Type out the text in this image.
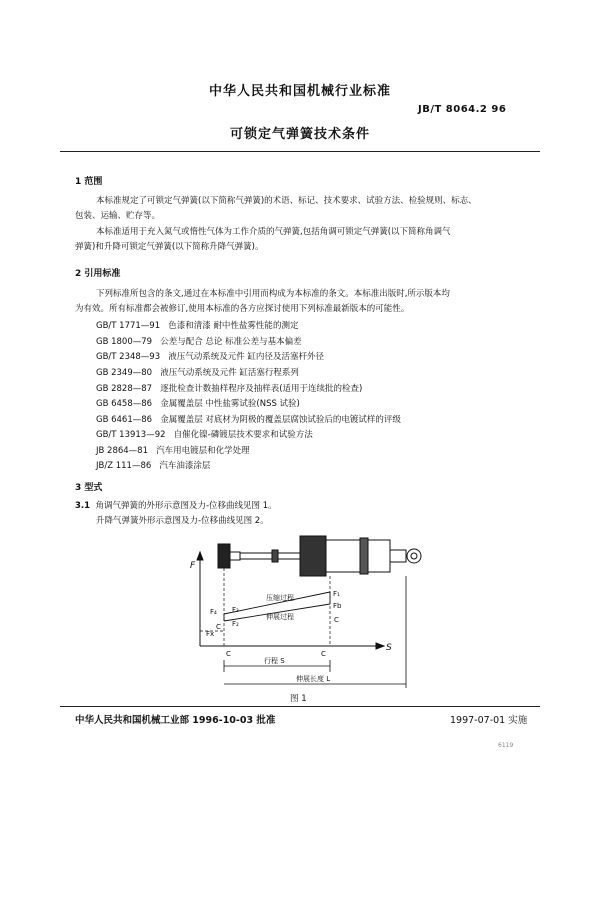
中华人民共和国机械行业标准
JB/T 8064.2 96
可锁定气弹簧技术条件
1 范围
本标准规定了可锁定气弹簧(以下简称气弹簧)的术语、标记、技术要求、试验方法、检验规则、标志、
包装、运输、贮存等。
本标准适用于充入氮气或惰性气体为工作介质的气弹簧,包括角调可锁定气弹簧(以下简称角调气
弹簧)和升降可锁定气弹簧(以下简称升降气弹簧)。
2 引用标准
下列标准所包含的条文,通过在本标准中引用而构成为本标准的条文。本标准出版时,所示版本均
为有效。所有标准都会被修订,使用本标准的各方应探讨使用下列标准最新版本的可能性。
GB/T 1771—91 色漆和清漆 耐中性盐雾性能的测定
GB 1800—79 公差与配合 总论 标准公差与基本偏差
GB/T 2348—93 液压气动系统及元件 缸内径及活塞杆外径
GB 2349—80 液压气动系统及元件 缸活塞行程系列
GB 2828—87 逐批检查计数抽样程序及抽样表(适用于连续批的检查)
GB 6458—86 金属覆盖层 中性盐雾试验(NSS 试验)
GB 6461—86 金属覆盖层 对底材为阴极的覆盖层腐蚀试验后的电镀试样的评级
GB/T 13913—92 自催化镍-磷镀层技术要求和试验方法
JB 2864—81 汽车用电镀层和化学处理
JB/Z 111—86 汽车油漆涂层
3 型式
3.1 角调气弹簧的外形示意图及力-位移曲线见图 1。
升降气弹簧外形示意图及力-位移曲线见图 2。
F
S
F₄ F₃
F₂
F₁
Fx
Fb
C
C
C
C
压缩过程
伸展过程
行程 S
伸展长度 L
图 1
中华人民共和国机械工业部 1996-10-03 批准	1997-07-01 实施
6119
